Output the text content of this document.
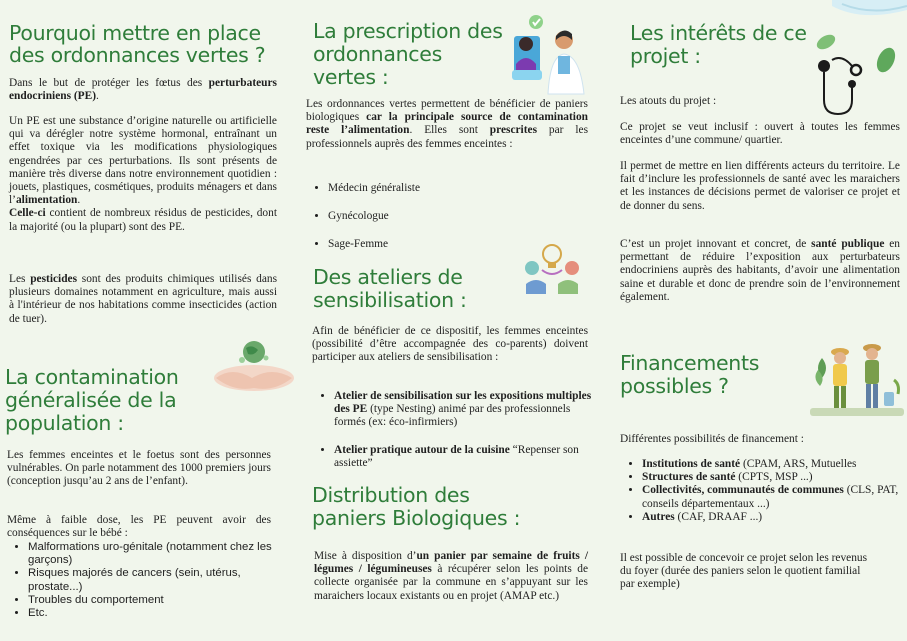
Pourquoi mettre en place des ordonnances vertes ?

Dans le but de protéger les fœtus des perturbateurs endocriniens (PE).

Un PE est une substance d’origine naturelle ou artificielle qui va dérégler notre système hormonal, entraînant un effet toxique via les modifications physiologiques engendrées par ces perturbations. Ils sont présents de manière très diverse dans notre environnement quotidien : jouets, plastiques, cosmétiques, produits ménagers et dans l’alimentation.
Celle-ci contient de nombreux résidus de pesticides, dont la majorité (ou la plupart) sont des PE.

Les pesticides sont des produits chimiques utilisés dans plusieurs domaines notamment en agriculture, mais aussi à l'intérieur de nos habitations comme insecticides (action de tuer).

La contamination généralisée de la population :

Les femmes enceintes et le foetus sont des personnes vulnérables. On parle notamment des 1000 premiers jours (conception jusqu’au 2 ans de l’enfant).

Même à faible dose, les PE peuvent avoir des conséquences sur le bébé :

• Malformations uro-génitale (notamment chez les garçons)
• Risques majorés de cancers (sein, utérus, prostate...)
• Troubles du comportement
• Etc.
La prescription des ordonnances vertes :

Les ordonnances vertes permettent de bénéficier de paniers biologiques car la principale source de contamination reste l’alimentation. Elles sont prescrites par les professionnels auprès des femmes enceintes :

• Médecin généraliste
• Gynécologue
• Sage-Femme
Des ateliers de sensibilisation :

Afin de bénéficier de ce dispositif, les femmes enceintes (possibilité d’être accompagnée des co-parents) doivent participer aux ateliers de sensibilisation :

• Atelier de sensibilisation sur les expositions multiples des PE (type Nesting) animé par des professionnels formés (ex: éco-infirmiers)
• Atelier pratique autour de la cuisine “Repenser son assiette”
Distribution des paniers Biologiques :

Mise à disposition d’un panier par semaine de fruits / légumes / légumineuses à récupérer selon les points de collecte organisée par la commune en s’appuyant sur les maraichers locaux existants ou en projet (AMAP etc.)

Les intérêts de ce projet :

Les atouts du projet :

Ce projet se veut inclusif : ouvert à toutes les femmes enceintes d’une commune/ quartier.

Il permet de mettre en lien différents acteurs du territoire. Le fait d’inclure les professionnels de santé avec les maraichers et les instances de décisions permet de valoriser ce projet et de donner du sens.

C’est un projet innovant et concret, de santé publique en permettant de réduire l’exposition aux perturbateurs endocriniens auprès des habitants, d’avoir une alimentation saine et durable et donc de prendre soin de l’environnement également.

Financements possibles ?

Différentes possibilités de financement :

• Institutions de santé (CPAM, ARS, Mutuelles
• Structures de santé (CPTS, MSP ...)
• Collectivités, communautés de communes (CLS, PAT, conseils départementaux ...)
• Autres (CAF, DRAAF ...)

Il est possible de concevoir ce projet selon les revenus du foyer (durée des paniers selon le quotient familial par exemple)
